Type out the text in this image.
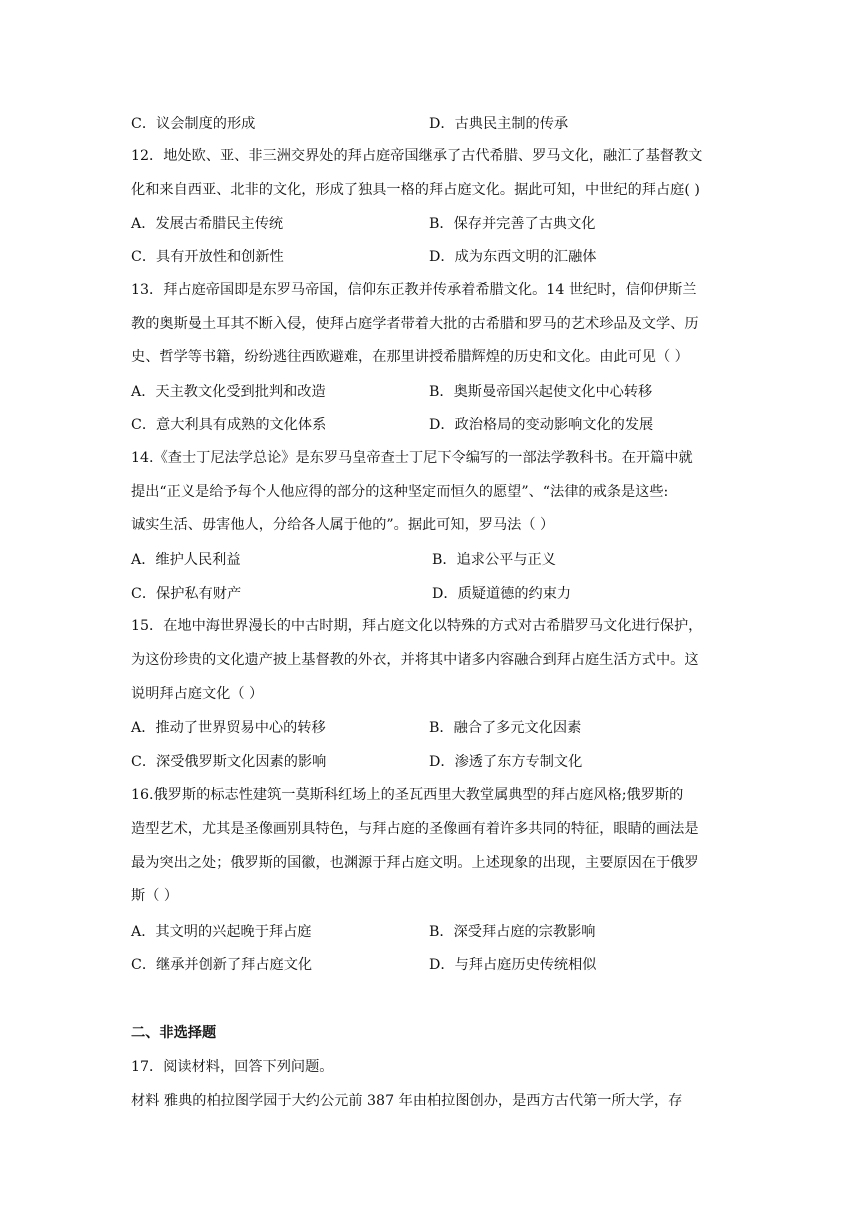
C．议会制度的形成	D．古典民主制的传承
12．地处欧、亚、非三洲交界处的拜占庭帝国继承了古代希腊、罗马文化，融汇了基督教文
化和来自西亚、北非的文化，形成了独具一格的拜占庭文化。据此可知，中世纪的拜占庭( )
A．发展古希腊民主传统	B．保存并完善了古典文化
C．具有开放性和创新性	D．成为东西文明的汇融体
13．拜占庭帝国即是东罗马帝国，信仰东正教并传承着希腊文化。14 世纪时，信仰伊斯兰
教的奥斯曼土耳其不断入侵，使拜占庭学者带着大批的古希腊和罗马的艺术珍品及文学、历
史、哲学等书籍，纷纷逃往西欧避难，在那里讲授希腊辉煌的历史和文化。由此可见（ ）
A．天主教文化受到批判和改造	B．奥斯曼帝国兴起使文化中心转移
C．意大利具有成熟的文化体系	D．政治格局的变动影响文化的发展
14.《查士丁尼法学总论》是东罗马皇帝查士丁尼下令编写的一部法学教科书。在开篇中就
提出“正义是给予每个人他应得的部分的这种坚定而恒久的愿望”、“法律的戒条是这些:
诚实生活、毋害他人，分给各人属于他的”。据此可知，罗马法（ ）
A．维护人民利益	B．追求公平与正义
C．保护私有财产	D．质疑道德的约束力
15．在地中海世界漫长的中古时期，拜占庭文化以特殊的方式对古希腊罗马文化进行保护，
为这份珍贵的文化遗产披上基督教的外衣，并将其中诸多内容融合到拜占庭生活方式中。这
说明拜占庭文化（ ）
A．推动了世界贸易中心的转移	B．融合了多元文化因素
C．深受俄罗斯文化因素的影响	D．渗透了东方专制文化
16.俄罗斯的标志性建筑一莫斯科红场上的圣瓦西里大教堂属典型的拜占庭风格;俄罗斯的
造型艺术，尤其是圣像画别具特色，与拜占庭的圣像画有着许多共同的特征，眼睛的画法是
最为突出之处；俄罗斯的国徽，也渊源于拜占庭文明。上述现象的出现，主要原因在于俄罗
斯（ ）
A．其文明的兴起晚于拜占庭	B．深受拜占庭的宗教影响
C．继承并创新了拜占庭文化	D．与拜占庭历史传统相似
二、非选择题
17．阅读材料，回答下列问题。
材料 雅典的柏拉图学园于大约公元前 387 年由柏拉图创办，是西方古代第一所大学，存
